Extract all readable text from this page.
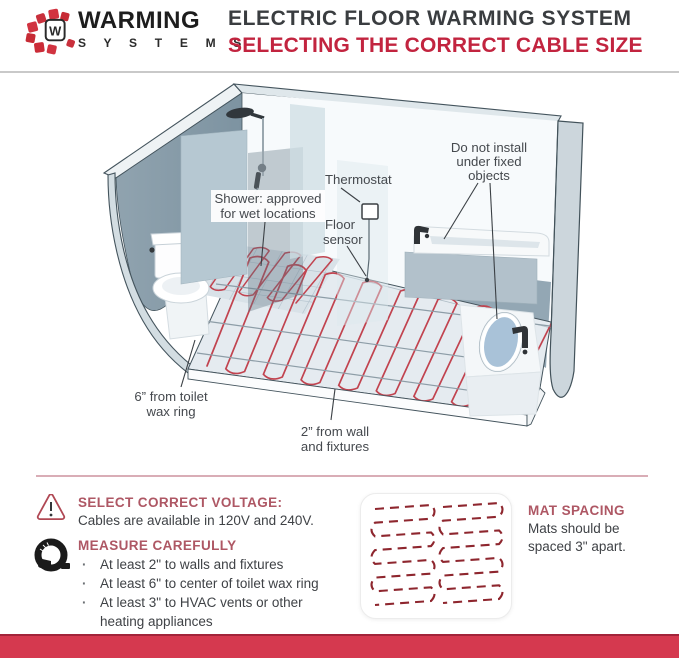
W WARMING
S Y S T E M S
ELECTRIC FLOOR WARMING SYSTEM
SELECTING THE CORRECT CABLE SIZE
Shower: approved
for wet locations
Thermostat
Floor
sensor
Do not install
under fixed
objects
6” from toilet
wax ring
2” from wall
and fixtures
SELECT CORRECT VOLTAGE:
Cables are available in 120V and 240V.
MEASURE CAREFULLY
· At least 2" to walls and fixtures
· At least 6" to center of toilet wax ring
· At least 3" to HVAC vents or other heating appliances
MAT SPACING
Mats should be spaced 3" apart.
